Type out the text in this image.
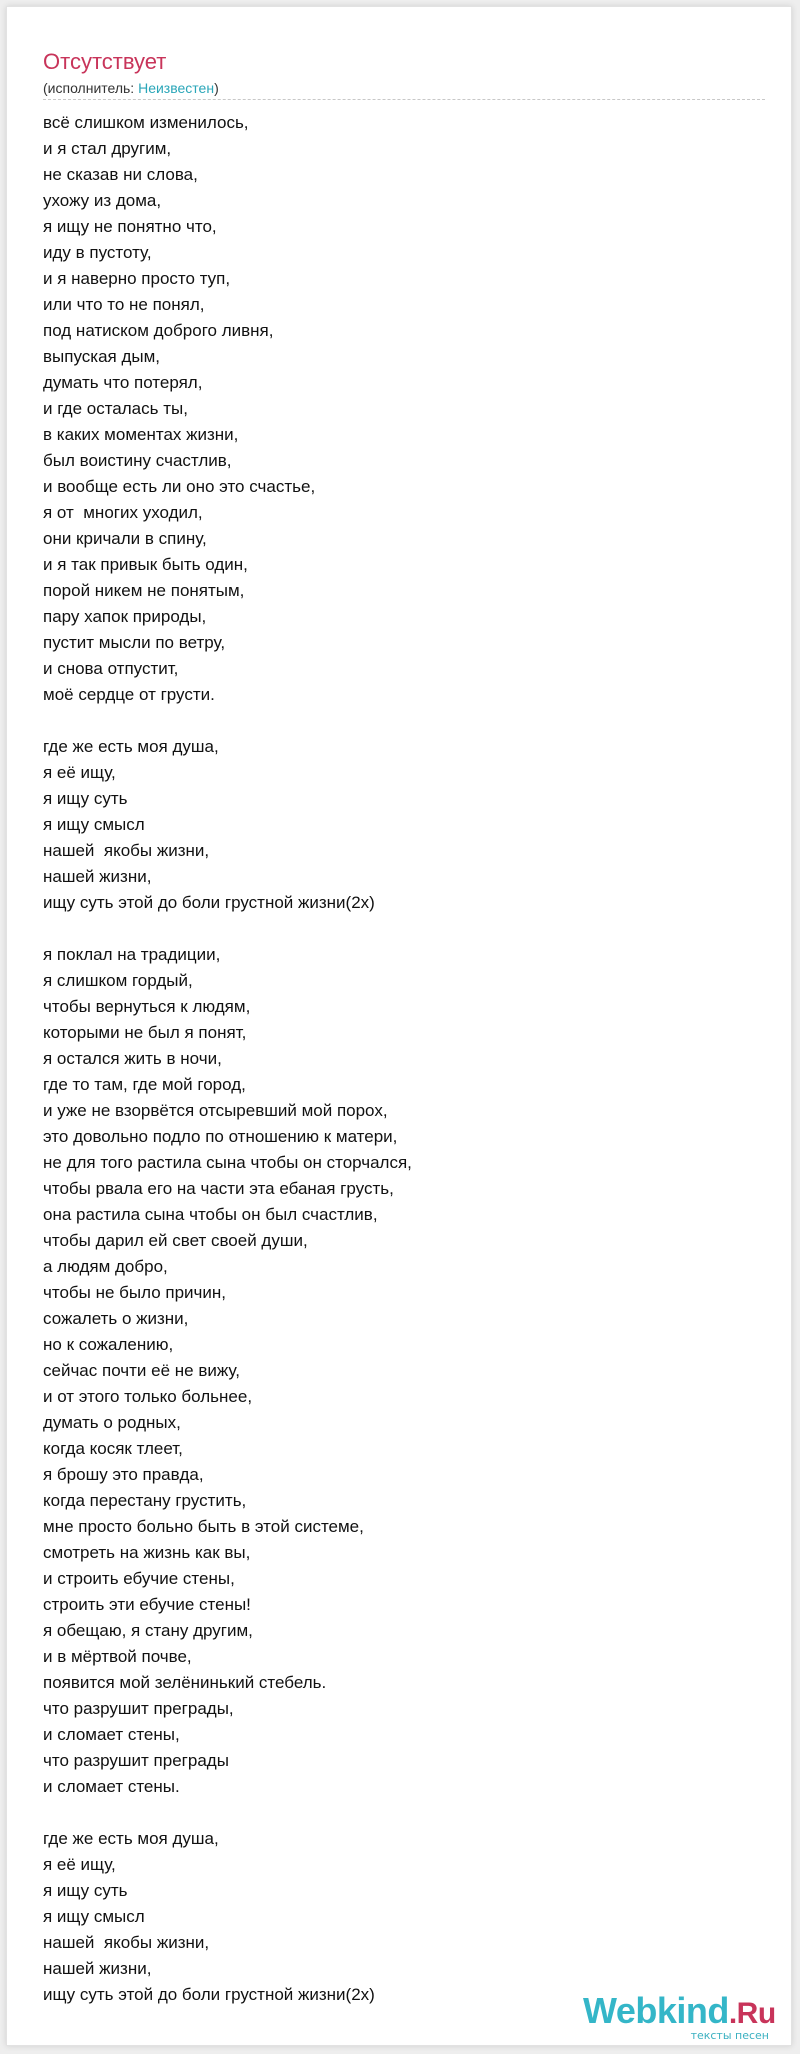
Отсутствует
(исполнитель: Неизвестен)
всё слишком изменилось,
и я стал другим,
не сказав ни слова,
ухожу из дома,
я ищу не понятно что,
иду в пустоту,
и я наверно просто туп,
или что то не понял,
под натиском доброго ливня,
выпуская дым,
думать что потерял,
и где осталась ты,
в каких моментах жизни,
был воистину счастлив,
и вообще есть ли оно это счастье,
я от  многих уходил,
они кричали в спину,
и я так привык быть один,
порой никем не понятым,
пару хапок природы,
пустит мысли по ветру,
и снова отпустит,
моё сердце от грусти.
где же есть моя душа,
я её ищу,
я ищу суть
я ищу смысл
нашей  якобы жизни,
нашей жизни,
ищу суть этой до боли грустной жизни(2х)
я поклал на традиции,
я слишком гордый,
чтобы вернуться к людям,
которыми не был я понят,
я остался жить в ночи,
где то там, где мой город,
и уже не взорвётся отсыревший мой порох,
это довольно подло по отношению к матери,
не для того растила сына чтобы он сторчался,
чтобы рвала его на части эта ебаная грусть,
она растила сына чтобы он был счастлив,
чтобы дарил ей свет своей души,
а людям добро,
чтобы не было причин,
сожалеть о жизни,
но к сожалению,
сейчас почти её не вижу,
и от этого только больнее,
думать о родных,
когда косяк тлеет,
я брошу это правда,
когда перестану грустить,
мне просто больно быть в этой системе,
смотреть на жизнь как вы,
и строить ебучие стены,
строить эти ебучие стены!
я обещаю, я стану другим,
и в мёртвой почве,
появится мой зелёнинький стебель.
что разрушит преграды,
и сломает стены,
что разрушит преграды
и сломает стены.
где же есть моя душа,
я её ищу,
я ищу суть
я ищу смысл
нашей  якобы жизни,
нашей жизни,
ищу суть этой до боли грустной жизни(2х)	Webkind.Ru
тексты песен
